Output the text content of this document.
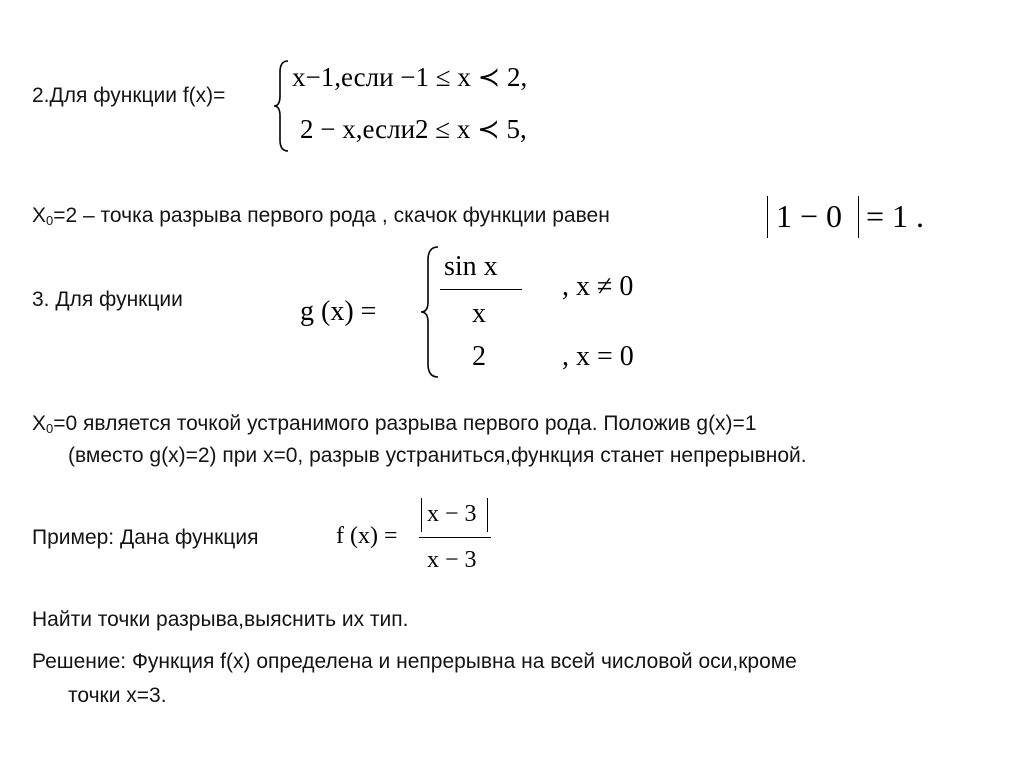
2.Для функции f(x)=
x−1,если −1 ≤ x ≺ 2,
2 − x,если2 ≤ x ≺ 5,
$X_0=2$ – точка разрыва первого рода , скачок функции равен	1 − 0 = 1 .
3. Для функции	g (x) =
sin x
x
, x ≠ 0
2	, x = 0
$X_0=0$ является точкой устранимого разрыва первого рода. Положив g(x)=1
(вместо g(x)=2) при х=0, разрыв устраниться,функция станет непрерывной.
Пример: Дана функция	f (x) =
x − 3
x − 3
Найти точки разрыва,выяснить их тип.
Решение: Функция f(x) определена и непрерывна на всей числовой оси,кроме
точки х=3.
